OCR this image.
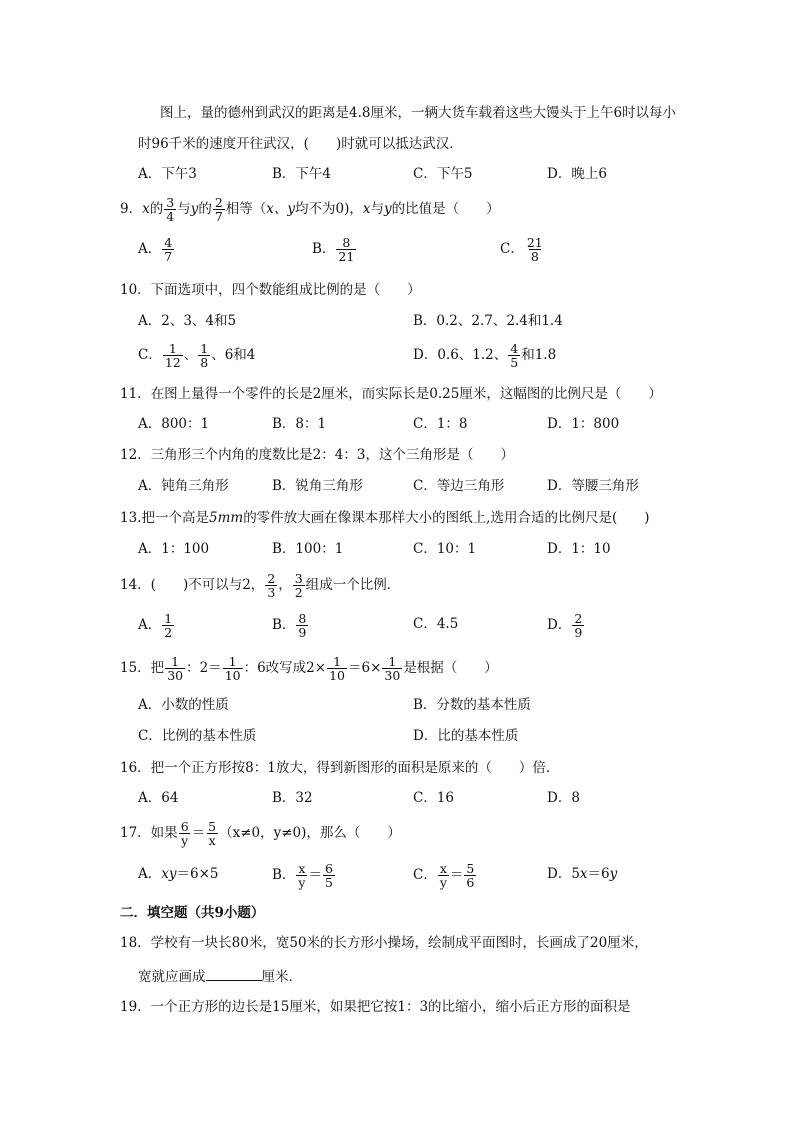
图上，量的德州到武汉的距离是4.8厘米，一辆大货车载着这些大馒头于上午6时以每小
时96千米的速度开往武汉，(　　)时就可以抵达武汉．
A．下午3	B．下午4	C．下午5	D．晚上6
9．x的 $\frac{3}{4}$ 与y的 $\frac{2}{7}$ 相等（x、y均不为0)，x与y的比值是（　　）
A． $\frac{4}{7}$	B． $\frac{8}{21}$	C． $\frac{21}{8}$
10．下面选项中，四个数能组成比例的是（　　）
A．2、3、4和5	B．0.2、2.7、2.4和1.4
C． $\frac{1}{12}$ 、 $\frac{1}{8}$ 、6和4	D．0.6、1.2、 $\frac{4}{5}$ 和1.8
11．在图上量得一个零件的长是2厘米，而实际长是0.25厘米，这幅图的比例尺是（　　）
A．800：1	B．8：1	C．1：8	D．1：800
12．三角形三个内角的度数比是2：4：3，这个三角形是（　　）
A．钝角三角形	B．锐角三角形	C．等边三角形	D．等腰三角形
13.把一个高是5mm的零件放大画在像课本那样大小的图纸上,选用合适的比例尺是(　　)
A．1：100	B．100：1	C．10：1	D．1：10
14．(　　)不可以与2， $\frac{2}{3}$ ， $\frac{3}{2}$ 组成一个比例．
A． $\frac{1}{2}$	B． $\frac{8}{9}$	C．4.5	D． $\frac{2}{9}$
15．把 $\frac{1}{30}$ ：$2= \frac{1}{10}$ ：6改写成$2\times \frac{1}{10} =6\times \frac{1}{30}$ 是根据（　　）
A．小数的性质	B．分数的基本性质
C．比例的基本性质	D．比的基本性质
16．把一个正方形按8：1放大，得到新图形的面积是原来的（　　）倍．
A．64	B．32	C．16	D．8
17．如果 $\frac{6}{y} = \frac{5}{x} (x\ne 0$，y≠0)，那么（　　）
A．xy＝6×5	B． $\frac{x}{y} = \frac{6}{5}$	C． $\frac{x}{y} = \frac{5}{6}$	D．5x＝6y
二．填空题（共9小题）
18．学校有一块长80米，宽50米的长方形小操场，绘制成平面图时，长画成了20厘米，
宽就应画成	厘米．
19．一个正方形的边长是15厘米，如果把它按1：3的比缩小，缩小后正方形的面积是
